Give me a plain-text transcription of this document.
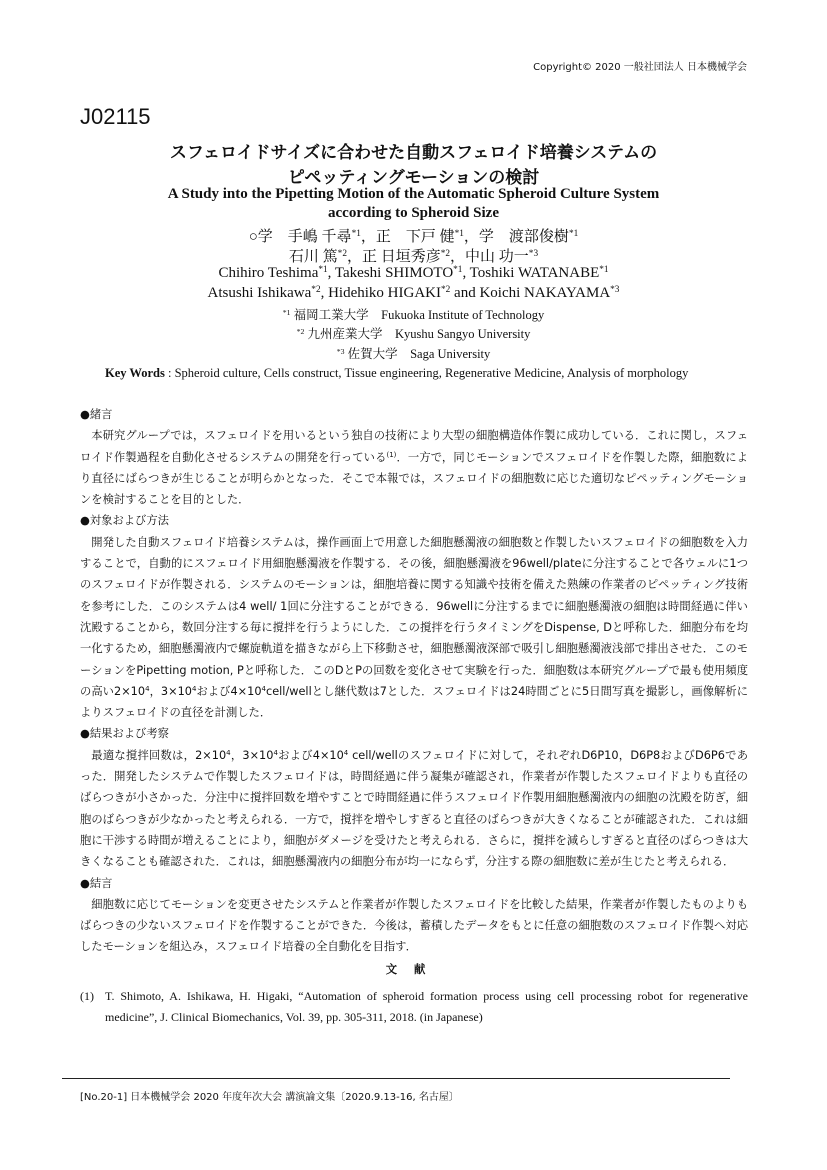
Copyright© 2020 一般社団法人 日本機械学会
J02115
スフェロイドサイズに合わせた自動スフェロイド培養システムの
ピペッティングモーションの検討
A Study into the Pipetting Motion of the Automatic Spheroid Culture System
according to Spheroid Size
○学　手嶋 千尋$^{*1}$，正　下戸 健$^{*1}$，学　渡部俊樹$^{*1}$
石川 篤$^{*2}$，正 日垣秀彦$^{*2}$，中山 功一$^{*3}$
Chihiro Teshima$^{*1}$, Takeshi SHIMOTO$^{*1}$, Toshiki WATANABE$^{*1}$
Atsushi Ishikawa$^{*2}$, Hidehiko HIGAKI$^{*2}$ and Koichi NAKAYAMA$^{*3}$
$^{*1}$ 福岡工業大学　Fukuoka Institute of Technology
$^{*2}$ 九州産業大学　Kyushu Sangyo University
$^{*3}$ 佐賀大学　Saga University
Key Words : Spheroid culture, Cells construct, Tissue engineering, Regenerative Medicine, Analysis of morphology
●緒言
本研究グループでは，スフェロイドを用いるという独自の技術により大型の細胞構造体作製に成功している．これに関し，スフェロイド作製過程を自動化させるシステムの開発を行っている$^{(1)}$．一方で，同じモーションでスフェロイドを作製した際，細胞数により直径にばらつきが生じることが明らかとなった．そこで本報では，スフェロイドの細胞数に応じた適切なピペッティングモーションを検討することを目的とした．
●対象および方法
開発した自動スフェロイド培養システムは，操作画面上で用意した細胞懸濁液の細胞数と作製したいスフェロイドの細胞数を入力することで，自動的にスフェロイド用細胞懸濁液を作製する．その後，細胞懸濁液を96well/plateに分注することで各ウェルに1つのスフェロイドが作製される．システムのモーションは，細胞培養に関する知識や技術を備えた熟練の作業者のピペッティング技術を参考にした．このシステムは4 well/ 1回に分注することができる．96wellに分注するまでに細胞懸濁液の細胞は時間経過に伴い沈殿することから，数回分注する毎に撹拌を行うようにした．この撹拌を行うタイミングをDispense, Dと呼称した．細胞分布を均一化するため，細胞懸濁液内で螺旋軌道を描きながら上下移動させ，細胞懸濁液深部で吸引し細胞懸濁液浅部で排出させた．このモーションをPipetting motion, Pと呼称した．このDとPの回数を変化させて実験を行った．細胞数は本研究グループで最も使用頻度の高い$2\times 10^4$，$3\times 10^4$および$4\times 10^4cell$/wellとし継代数は7とした．スフェロイドは24時間ごとに5日間写真を撮影し，画像解析によりスフェロイドの直径を計測した．
●結果および考察
最適な撹拌回数は，$2\times 10^4$，$3\times 10^4$および$4\times 10^4$ cell/wellのスフェロイドに対して，それぞれD6P10，D6P8およびD6P6であった．開発したシステムで作製したスフェロイドは，時間経過に伴う凝集が確認され，作業者が作製したスフェロイドよりも直径のばらつきが小さかった．分注中に撹拌回数を増やすことで時間経過に伴うスフェロイド作製用細胞懸濁液内の細胞の沈殿を防ぎ，細胞のばらつきが少なかったと考えられる．一方で，撹拌を増やしすぎると直径のばらつきが大きくなることが確認された．これは細胞に干渉する時間が増えることにより，細胞がダメージを受けたと考えられる．さらに，撹拌を減らしすぎると直径のばらつきは大きくなることも確認された．これは，細胞懸濁液内の細胞分布が均一にならず，分注する際の細胞数に差が生じたと考えられる．
●結言
細胞数に応じてモーションを変更させたシステムと作業者が作製したスフェロイドを比較した結果，作業者が作製したものよりもばらつきの少ないスフェロイドを作製することができた．今後は，蓄積したデータをもとに任意の細胞数のスフェロイド作製へ対応したモーションを組込み，スフェロイド培養の全自動化を目指す．
文献
(1) T. Shimoto, A. Ishikawa, H. Higaki, “Automation of spheroid formation process using cell processing robot for regenerative medicine”, J. Clinical Biomechanics, Vol. 39, pp. 305-311, 2018. (in Japanese)
[No.20-1] 日本機械学会 2020 年度年次大会 講演論文集〔2020.9.13-16, 名古屋〕
